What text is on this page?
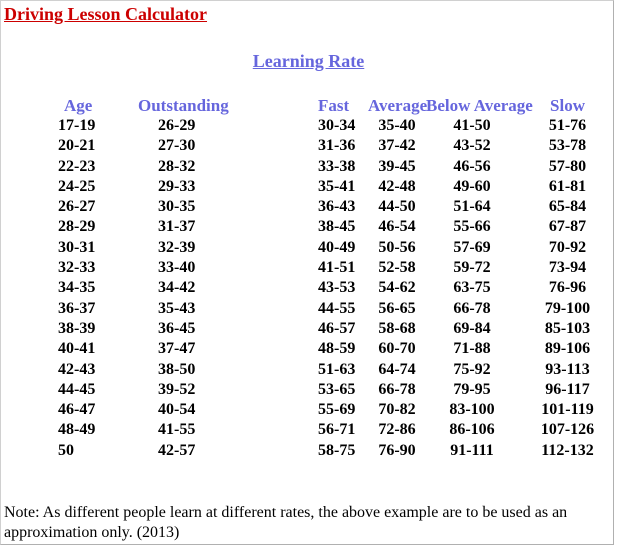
Driving Lesson Calculator
Learning Rate
Age	Outstanding	Fast	Average	Below Average	Slow
17-19	26-29	30-34	35-40	41-50	51-76
20-21	27-30	31-36	37-42	43-52	53-78
22-23	28-32	33-38	39-45	46-56	57-80
24-25	29-33	35-41	42-48	49-60	61-81
26-27	30-35	36-43	44-50	51-64	65-84
28-29	31-37	38-45	46-54	55-66	67-87
30-31	32-39	40-49	50-56	57-69	70-92
32-33	33-40	41-51	52-58	59-72	73-94
34-35	34-42	43-53	54-62	63-75	76-96
36-37	35-43	44-55	56-65	66-78	79-100
38-39	36-45	46-57	58-68	69-84	85-103
40-41	37-47	48-59	60-70	71-88	89-106
42-43	38-50	51-63	64-74	75-92	93-113
44-45	39-52	53-65	66-78	79-95	96-117
46-47	40-54	55-69	70-82	83-100	101-119
48-49	41-55	56-71	72-86	86-106	107-126
50	42-57	58-75	76-90	91-111	112-132
Note: As different people learn at different rates, the above example are to be used as an approximation only. (2013)
